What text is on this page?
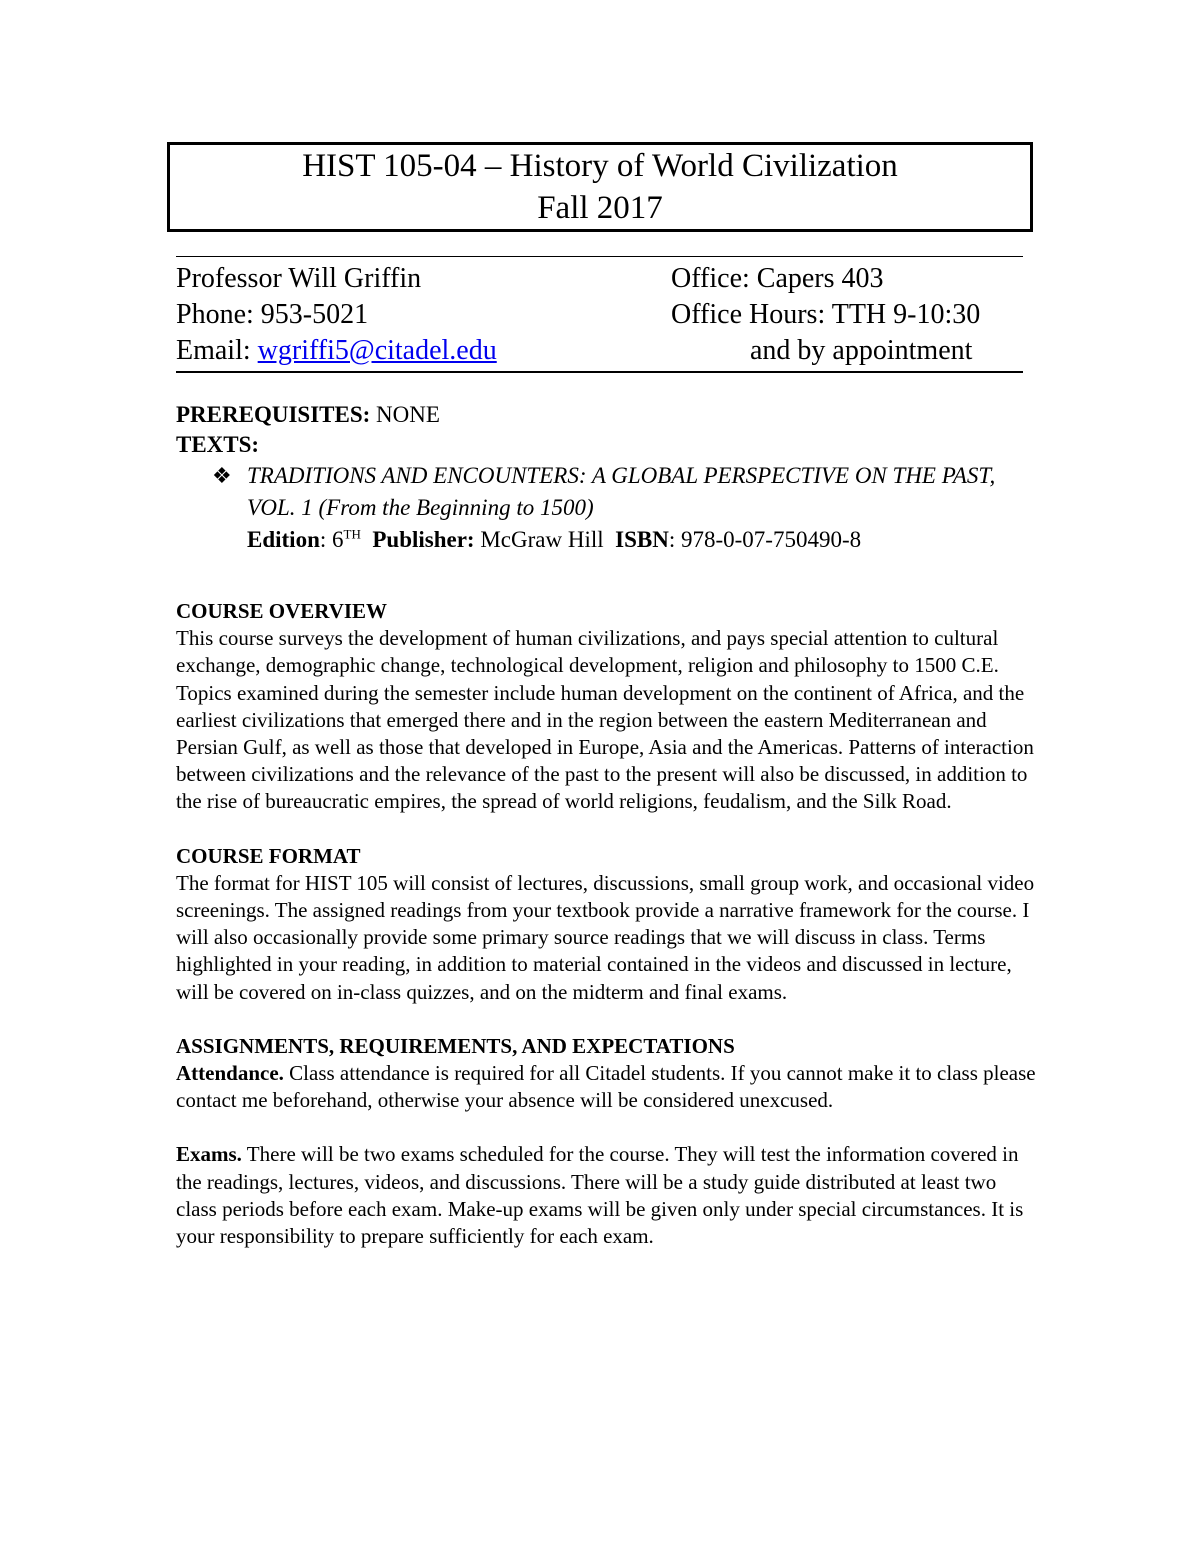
HIST 105-04 – History of World Civilization
Fall 2017
Professor Will Griffin	Office: Capers 403
Phone: 953-5021	Office Hours: TTH 9-10:30
Email: wgriffi5@citadel.edu	and by appointment

PREREQUISITES: NONE

TEXTS:

❖ TRADITIONS AND ENCOUNTERS: A GLOBAL PERSPECTIVE ON THE PAST, VOL. 1 (From the Beginning to 1500)
Edition: 6TH Publisher: McGraw Hill  ISBN: 978-0-07-750490-8

COURSE OVERVIEW

This course surveys the development of human civilizations, and pays special attention to cultural exchange, demographic change, technological development, religion and philosophy to 1500 C.E. Topics examined during the semester include human development on the continent of Africa, and the earliest civilizations that emerged there and in the region between the eastern Mediterranean and Persian Gulf, as well as those that developed in Europe, Asia and the Americas. Patterns of interaction between civilizations and the relevance of the past to the present will also be discussed, in addition to the rise of bureaucratic empires, the spread of world religions, feudalism, and the Silk Road.

COURSE FORMAT

The format for HIST 105 will consist of lectures, discussions, small group work, and occasional video screenings. The assigned readings from your textbook provide a narrative framework for the course. I will also occasionally provide some primary source readings that we will discuss in class. Terms highlighted in your reading, in addition to material contained in the videos and discussed in lecture, will be covered on in-class quizzes, and on the midterm and final exams.

ASSIGNMENTS, REQUIREMENTS, AND EXPECTATIONS

Attendance. Class attendance is required for all Citadel students. If you cannot make it to class please contact me beforehand, otherwise your absence will be considered unexcused.

Exams. There will be two exams scheduled for the course. They will test the information covered in the readings, lectures, videos, and discussions. There will be a study guide distributed at least two class periods before each exam. Make-up exams will be given only under special circumstances. It is your responsibility to prepare sufficiently for each exam.
